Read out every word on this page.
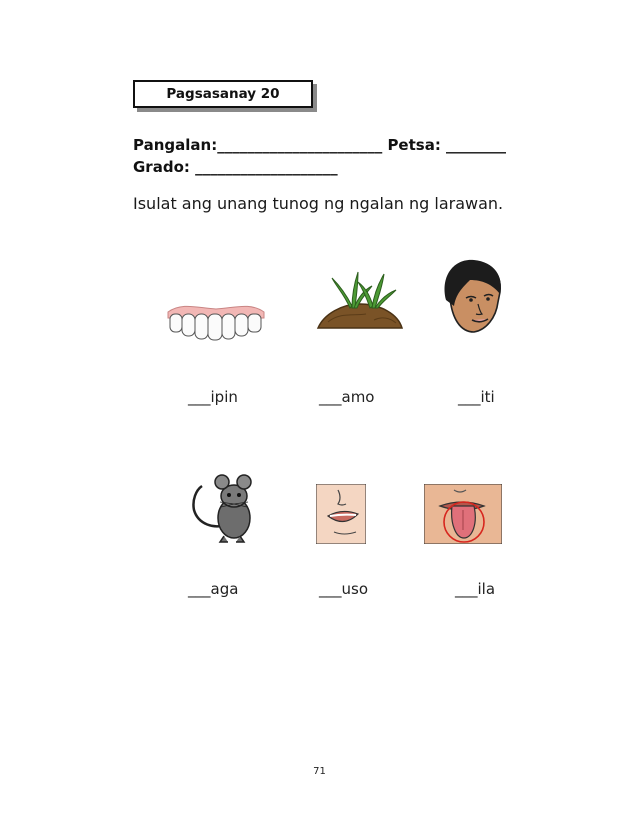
Pagsasanay 20
Pangalan:______________________ Petsa: ________
Grado: ___________________
Isulat ang unang tunog ng ngalan ng larawan.
___ipin	___amo	___iti
___aga	___uso	___ila
71
